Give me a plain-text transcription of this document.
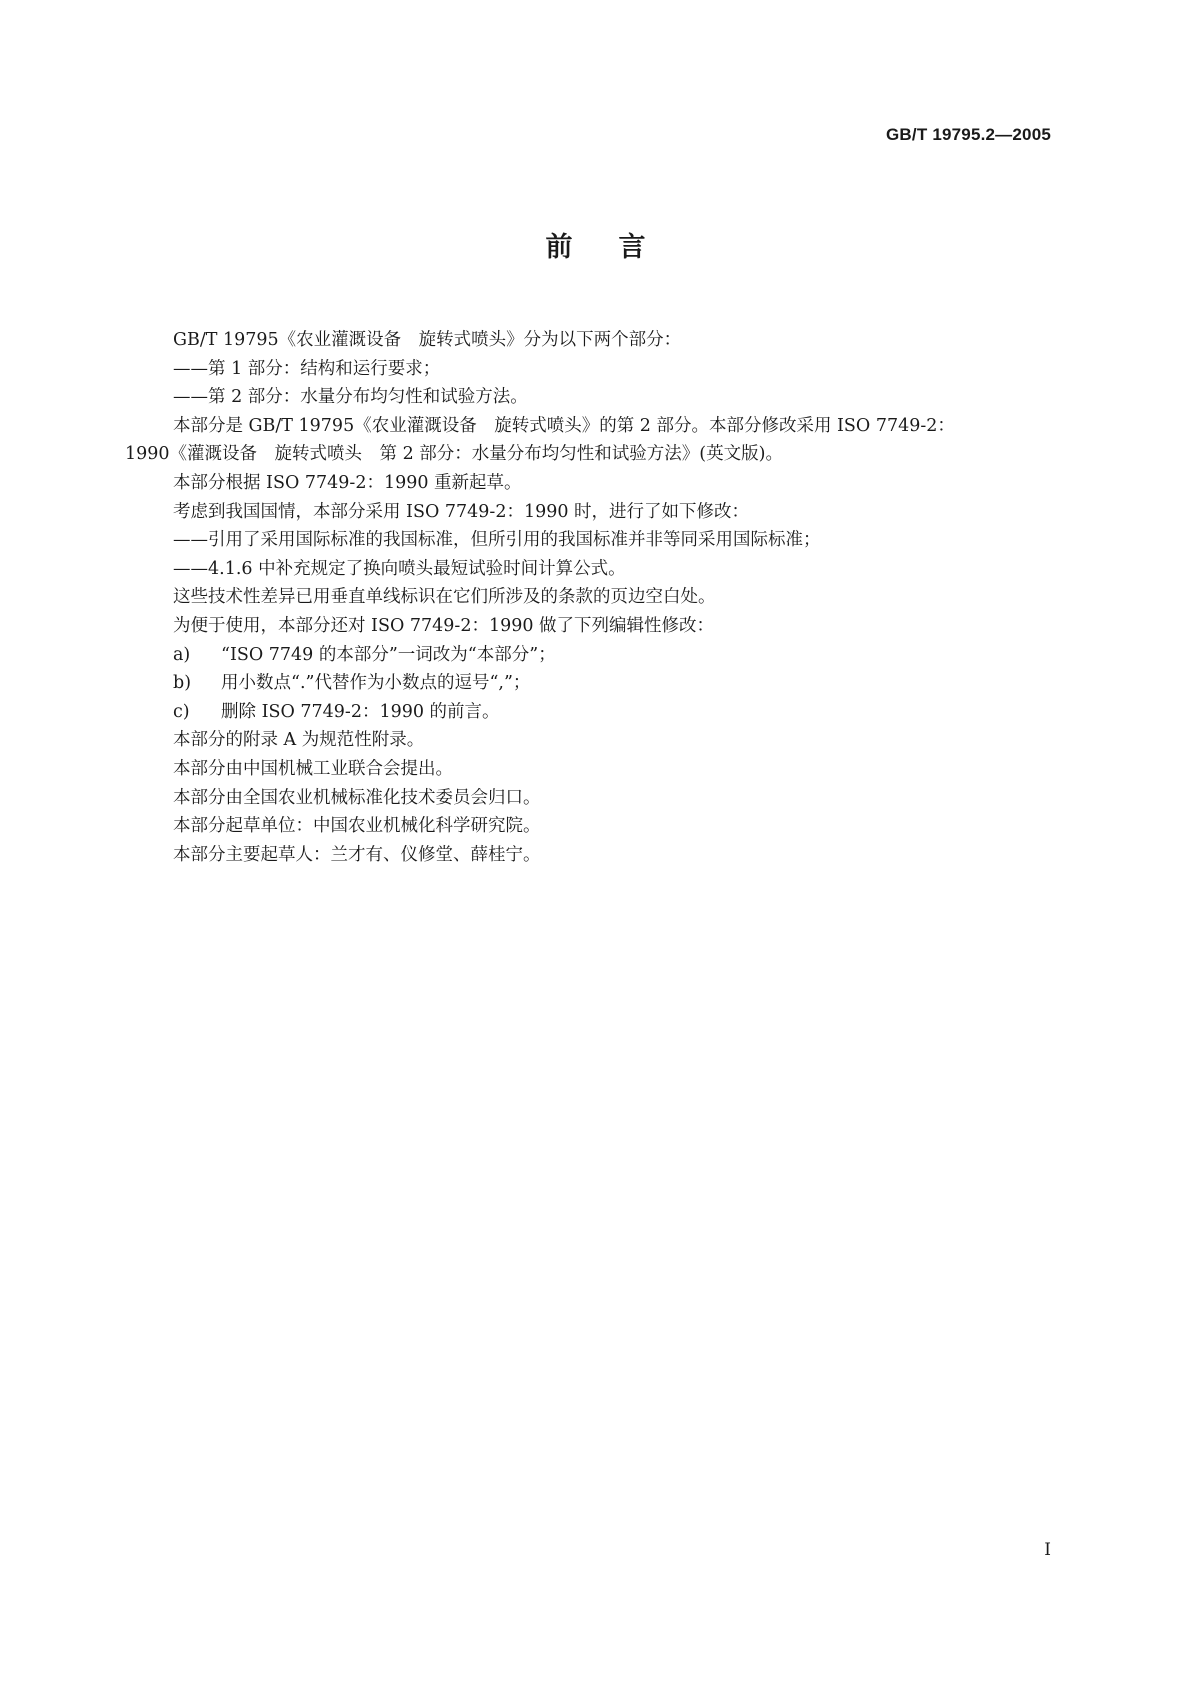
GB/T 19795.2—2005
前言
GB/T 19795《农业灌溉设备　旋转式喷头》分为以下两个部分：
——第 1 部分：结构和运行要求；
——第 2 部分：水量分布均匀性和试验方法。
本部分是 GB/T 19795《农业灌溉设备　旋转式喷头》的第 2 部分。本部分修改采用 ISO 7749-2：
1990《灌溉设备　旋转式喷头　第 2 部分：水量分布均匀性和试验方法》(英文版)。
本部分根据 ISO 7749-2：1990 重新起草。
考虑到我国国情，本部分采用 ISO 7749-2：1990 时，进行了如下修改：
——引用了采用国际标准的我国标准，但所引用的我国标准并非等同采用国际标准；
——4.1.6 中补充规定了换向喷头最短试验时间计算公式。
这些技术性差异已用垂直单线标识在它们所涉及的条款的页边空白处。
为便于使用，本部分还对 ISO 7749-2：1990 做了下列编辑性修改：
a) “ISO 7749 的本部分”一词改为“本部分”；
b) 用小数点“.”代替作为小数点的逗号“,”；
c) 删除 ISO 7749-2：1990 的前言。
本部分的附录 A 为规范性附录。
本部分由中国机械工业联合会提出。
本部分由全国农业机械标准化技术委员会归口。
本部分起草单位：中国农业机械化科学研究院。
本部分主要起草人：兰才有、仪修堂、薛桂宁。
I
